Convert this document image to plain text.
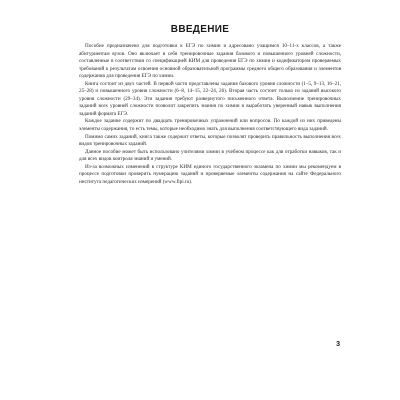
ВВЕДЕНИЕ

Пособие предназначено для подготовки к ЕГЭ по химии и адресовано учащимся 10–11-х классов, а также абитуриентам вузов. Оно включает в себя тренировочные задания базового и повышенного уровней сложности, составленные в соответствии со спецификацией КИМ для проведения ЕГЭ по химии и кодификатором проверяемых требований к результатам освоения основной образовательной программы среднего общего образования и элементов содержания для проведения ЕГЭ по химии.

Книга состоит из двух частей. В первой части представлены задания базового уровня сложности (1–5, 9–13, 16–21, 25–28) и повышенного уровня сложности (6–8, 14–15, 22–24, 26). Вторая часть состоит только из заданий высокого уровня сложности (29–34). Эти задания требуют развернутого письменного ответа. Выполнение тренировочных заданий всех уровней сложности позволит закрепить знания по химии и выработать уверенный навык выполнения заданий формата ЕГЭ.

Каждое задание содержит по двадцать тренировочных упражнений или вопросов. По каждой из них приведены элементы содержания, то есть темы, которые необходимо знать для выполнения соответствующего вида заданий.

Помимо самих заданий, книга также содержит ответы, которые позволят проверить правильность выполнения всех видов тренировочных заданий.

Данное пособие может быть использовано учителями химии в учебном процессе как для отработки навыков, так и для всех видов контроля знаний и умений.

Из-за возможных изменений в структуре КИМ единого государственного экзамена по химии мы рекомендуем в процессе подготовки проверить нумерацию заданий и проверяемые элементы содержания на сайте Федерального института педагогических измерений (www.fipi.ru).

3
